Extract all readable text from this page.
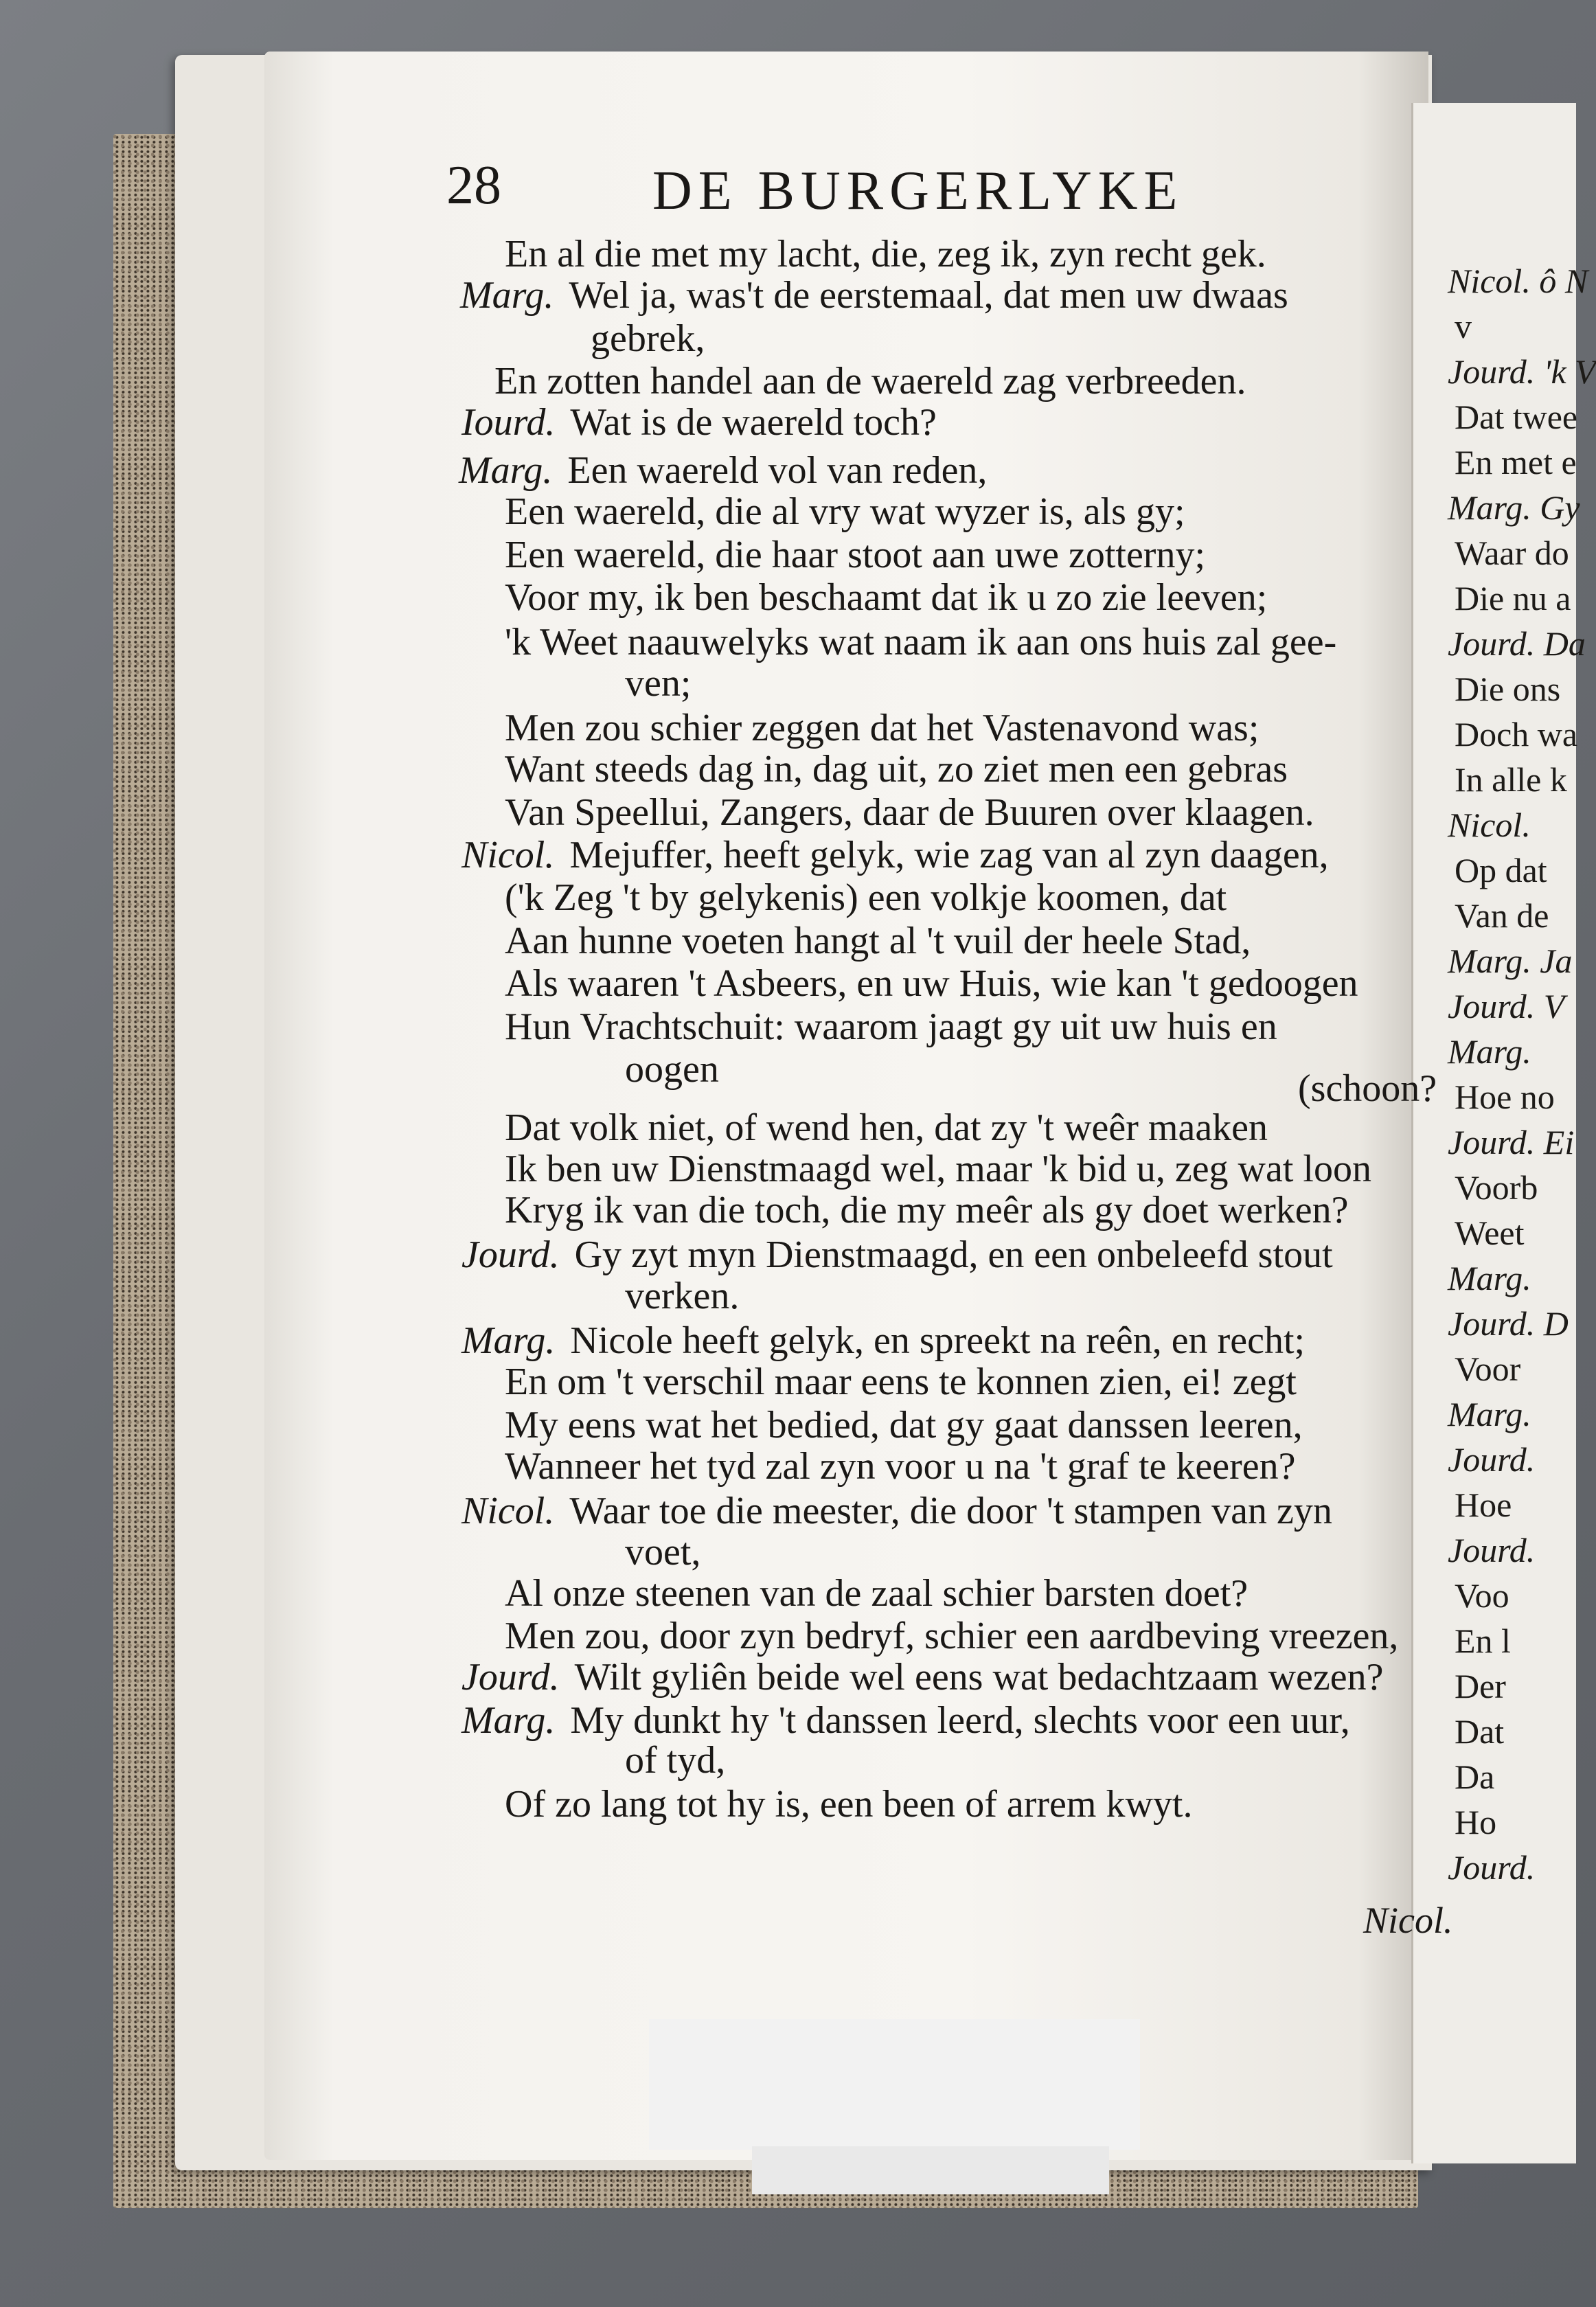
Nicol. ô N
v
Jourd. 'k V
Dat twee
En met e
Marg. Gy
Waar do
Die nu a
Jourd. Da
Die ons
Doch wa
In alle k
Nicol.
Op dat
Van de
Marg. Ja
Jourd. V
Marg.
Hoe no
Jourd. Ei
Voorb
Weet
Marg.
Jourd. D
Voor
Marg.
Jourd.
Hoe
Jourd.
Voo
En l
Der
Dat
Da
Ho
Jourd.
28	DE BURGERLYKE
En al die met my lacht, die, zeg ik, zyn recht gek.
Marg. Wel ja, was't de eerstemaal, dat men uw dwaas
gebrek,
En zotten handel aan de waereld zag verbreeden.
Iourd. Wat is de waereld toch?
Marg. Een waereld vol van reden,
Een waereld, die al vry wat wyzer is, als gy;
Een waereld, die haar stoot aan uwe zotterny;
Voor my, ik ben beschaamt dat ik u zo zie leeven;
'k Weet naauwelyks wat naam ik aan ons huis zal gee-
ven;
Men zou schier zeggen dat het Vastenavond was;
Want steeds dag in, dag uit, zo ziet men een gebras
Van Speellui, Zangers, daar de Buuren over klaagen.
Nicol. Mejuffer, heeft gelyk, wie zag van al zyn daagen,
('k Zeg 't by gelykenis) een volkje koomen, dat
Aan hunne voeten hangt al 't vuil der heele Stad,
Als waaren 't Asbeers, en uw Huis, wie kan 't gedoogen
Hun Vrachtschuit: waarom jaagt gy uit uw huis en
oogen	(schoon?
Dat volk niet, of wend hen, dat zy 't weêr maaken
Ik ben uw Dienstmaagd wel, maar 'k bid u, zeg wat loon
Kryg ik van die toch, die my meêr als gy doet werken?
Jourd. Gy zyt myn Dienstmaagd, en een onbeleefd stout
verken.
Marg. Nicole heeft gelyk, en spreekt na reên, en recht;
En om 't verschil maar eens te konnen zien, ei! zegt
My eens wat het bedied, dat gy gaat danssen leeren,
Wanneer het tyd zal zyn voor u na 't graf te keeren?
Nicol. Waar toe die meester, die door 't stampen van zyn
voet,
Al onze steenen van de zaal schier barsten doet?
Men zou, door zyn bedryf, schier een aardbeving vreezen,
Jourd. Wilt gyliên beide wel eens wat bedachtzaam wezen?
Marg. My dunkt hy 't danssen leerd, slechts voor een uur,
of tyd,
Of zo lang tot hy is, een been of arrem kwyt.
Nicol.
